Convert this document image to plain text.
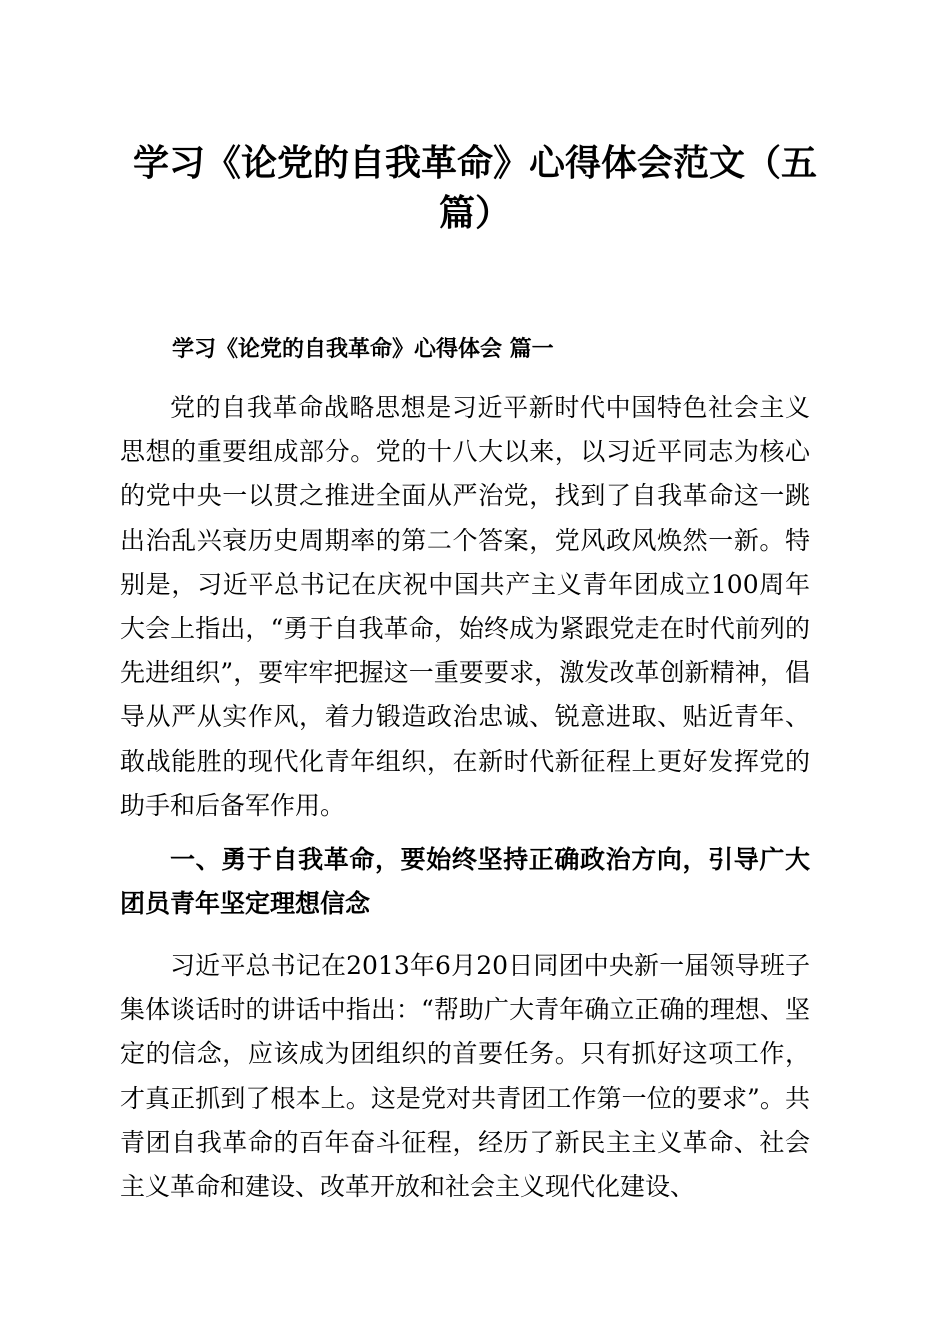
学习《论党的自我革命》心得体会范文（五篇）
学习《论党的自我革命》心得体会 篇一

党的自我革命战略思想是习近平新时代中国特色社会主义思想的重要组成部分。党的十八大以来，以习近平同志为核心的党中央一以贯之推进全面从严治党，找到了自我革命这一跳出治乱兴衰历史周期率的第二个答案，党风政风焕然一新。特别是，习近平总书记在庆祝中国共产主义青年团成立100周年大会上指出，“勇于自我革命，始终成为紧跟党走在时代前列的先进组织”，要牢牢把握这一重要要求，激发改革创新精神，倡导从严从实作风，着力锻造政治忠诚、锐意进取、贴近青年、敢战能胜的现代化青年组织，在新时代新征程上更好发挥党的助手和后备军作用。

一、勇于自我革命，要始终坚持正确政治方向，引导广大团员青年坚定理想信念

习近平总书记在2013年6月20日同团中央新一届领导班子集体谈话时的讲话中指出：“帮助广大青年确立正确的理想、坚定的信念，应该成为团组织的首要任务。只有抓好这项工作，才真正抓到了根本上。这是党对共青团工作第一位的要求”。共青团自我革命的百年奋斗征程，经历了新民主主义革命、社会主义革命和建设、改革开放和社会主义现代化建设、
